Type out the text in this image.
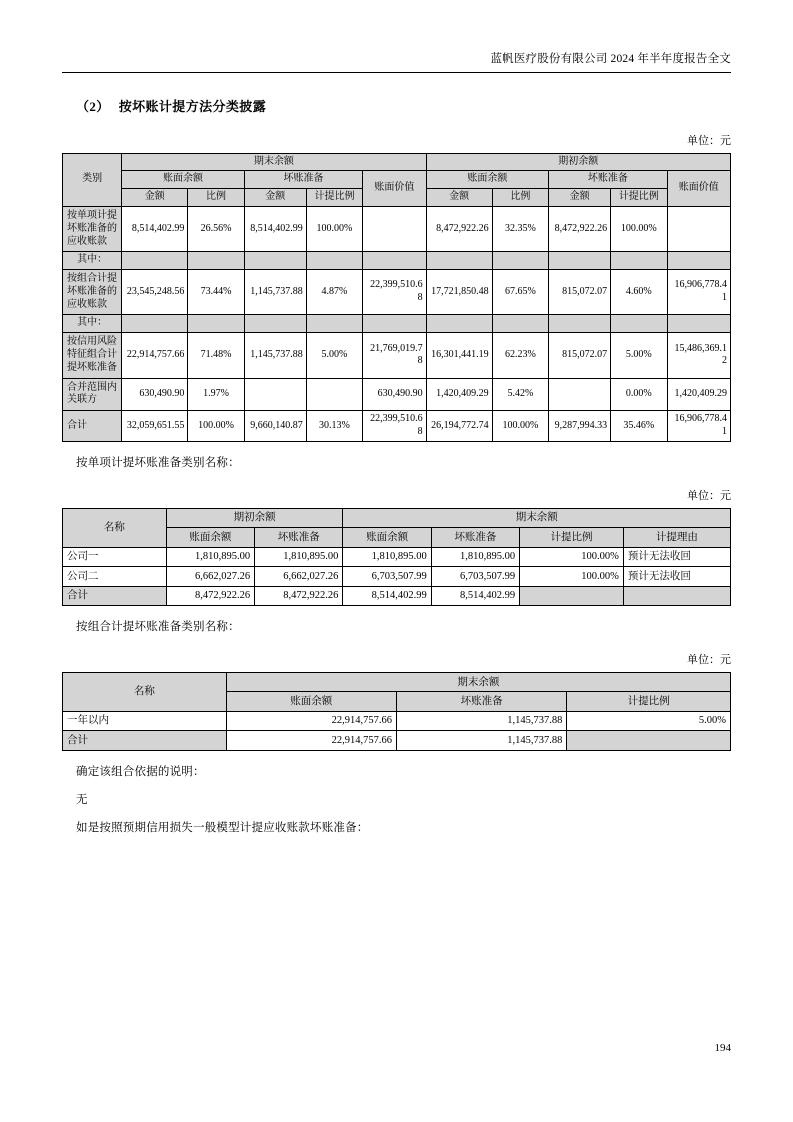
蓝帆医疗股份有限公司 2024 年半年度报告全文
（2） 按坏账计提方法分类披露
单位：元
类别	期末余额					期初余额				
	账面余额		坏账准备		账面价值	账面余额		坏账准备		账面价值
	金额	比例	金额	计提比例		金额	比例	金额	计提比例	
按单项计提坏账准备的应收账款	8,514,402.99	26.56%	8,514,402.99	100.00%		8,472,922.26	32.35%	8,472,922.26	100.00%	
其中：										
按组合计提坏账准备的应收账款	23,545,248.56	73.44%	1,145,737.88	4.87%	22,399,510.68	17,721,850.48	67.65%	815,072.07	4.60%	16,906,778.41
其中：										
按信用风险特征组合计提坏账准备	22,914,757.66	71.48%	1,145,737.88	5.00%	21,769,019.78	16,301,441.19	62.23%	815,072.07	5.00%	15,486,369.12
合并范围内关联方	630,490.90	1.97%			630,490.90	1,420,409.29	5.42%		0.00%	1,420,409.29
合计	32,059,651.55	100.00%	9,660,140.87	30.13%	22,399,510.68	26,194,772.74	100.00%	9,287,994.33	35.46%	16,906,778.41
按单项计提坏账准备类别名称：
单位：元
名称	期初余额		期末余额			
	账面余额	坏账准备	账面余额	坏账准备	计提比例	计提理由
公司一	1,810,895.00	1,810,895.00	1,810,895.00	1,810,895.00	100.00%	预计无法收回
公司二	6,662,027.26	6,662,027.26	6,703,507.99	6,703,507.99	100.00%	预计无法收回
合计	8,472,922.26	8,472,922.26	8,514,402.99	8,514,402.99		
按组合计提坏账准备类别名称：
单位：元
名称	期末余额		
	账面余额	坏账准备	计提比例
一年以内	22,914,757.66	1,145,737.88	5.00%
合计	22,914,757.66	1,145,737.88	
确定该组合依据的说明：
无
如是按照预期信用损失一般模型计提应收账款坏账准备：
194
